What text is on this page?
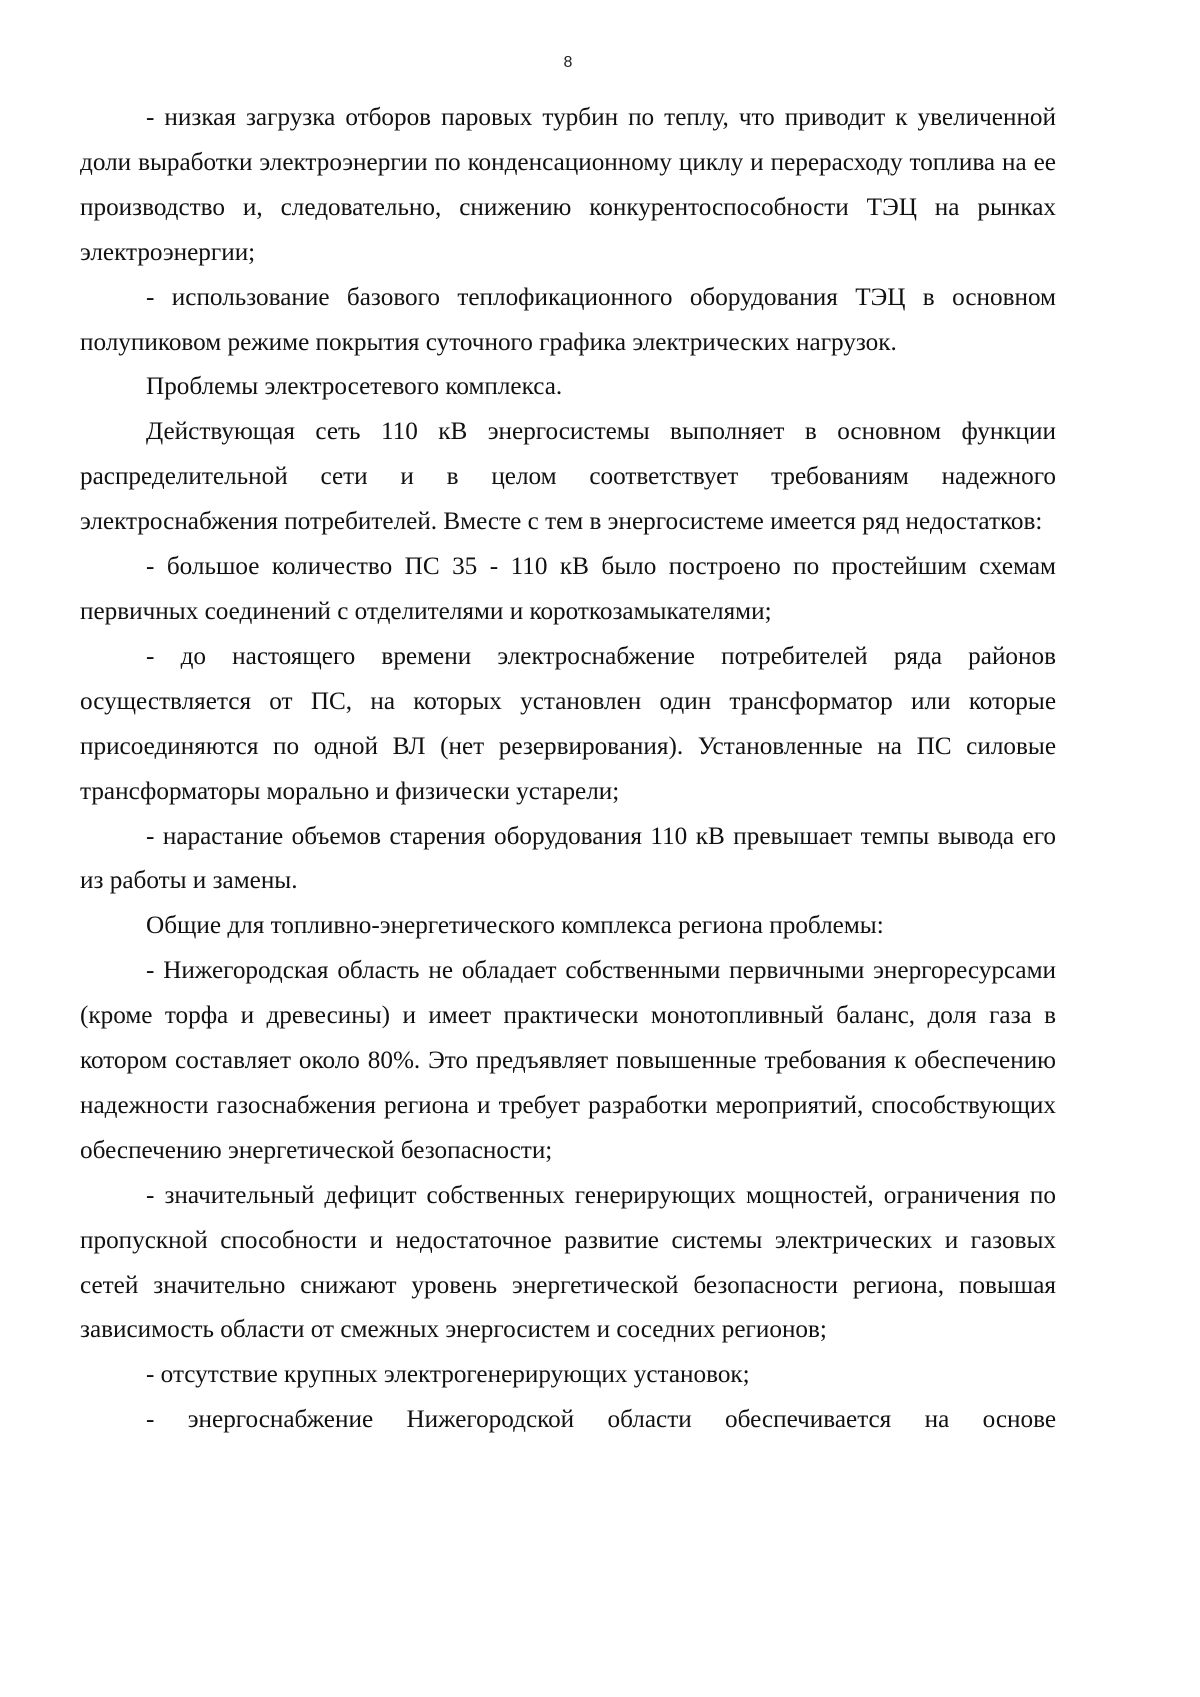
8

- низкая загрузка отборов паровых турбин по теплу, что приводит к увеличенной доли выработки электроэнергии по конденсационному циклу и перерасходу топлива на ее производство и, следовательно, снижению конкурентоспособности ТЭЦ на рынках электроэнергии;

- использование базового теплофикационного оборудования ТЭЦ в основном полупиковом режиме покрытия суточного графика электрических нагрузок.

Проблемы электросетевого комплекса.

Действующая сеть 110 кВ энергосистемы выполняет в основном функции распределительной сети и в целом соответствует требованиям надежного электроснабжения потребителей. Вместе с тем в энергосистеме имеется ряд недостатков:

- большое количество ПС 35 - 110 кВ было построено по простейшим схемам первичных соединений с отделителями и короткозамыкателями;

- до настоящего времени электроснабжение потребителей ряда районов осуществляется от ПС, на которых установлен один трансформатор или которые присоединяются по одной ВЛ (нет резервирования). Установленные на ПС силовые трансформаторы морально и физически устарели;

- нарастание объемов старения оборудования 110 кВ превышает темпы вывода его из работы и замены.

Общие для топливно-энергетического комплекса региона проблемы:

- Нижегородская область не обладает собственными первичными энергоресурсами (кроме торфа и древесины) и имеет практически монотопливный баланс, доля газа в котором составляет около 80%. Это предъявляет повышенные требования к обеспечению надежности газоснабжения региона и требует разработки мероприятий, способствующих обеспечению энергетической безопасности;

- значительный дефицит собственных генерирующих мощностей, ограничения по пропускной способности и недостаточное развитие системы электрических и газовых сетей значительно снижают уровень энергетической безопасности региона, повышая зависимость области от смежных энергосистем и соседних регионов;

- отсутствие крупных электрогенерирующих установок;

- энергоснабжение Нижегородской области обеспечивается на основе
